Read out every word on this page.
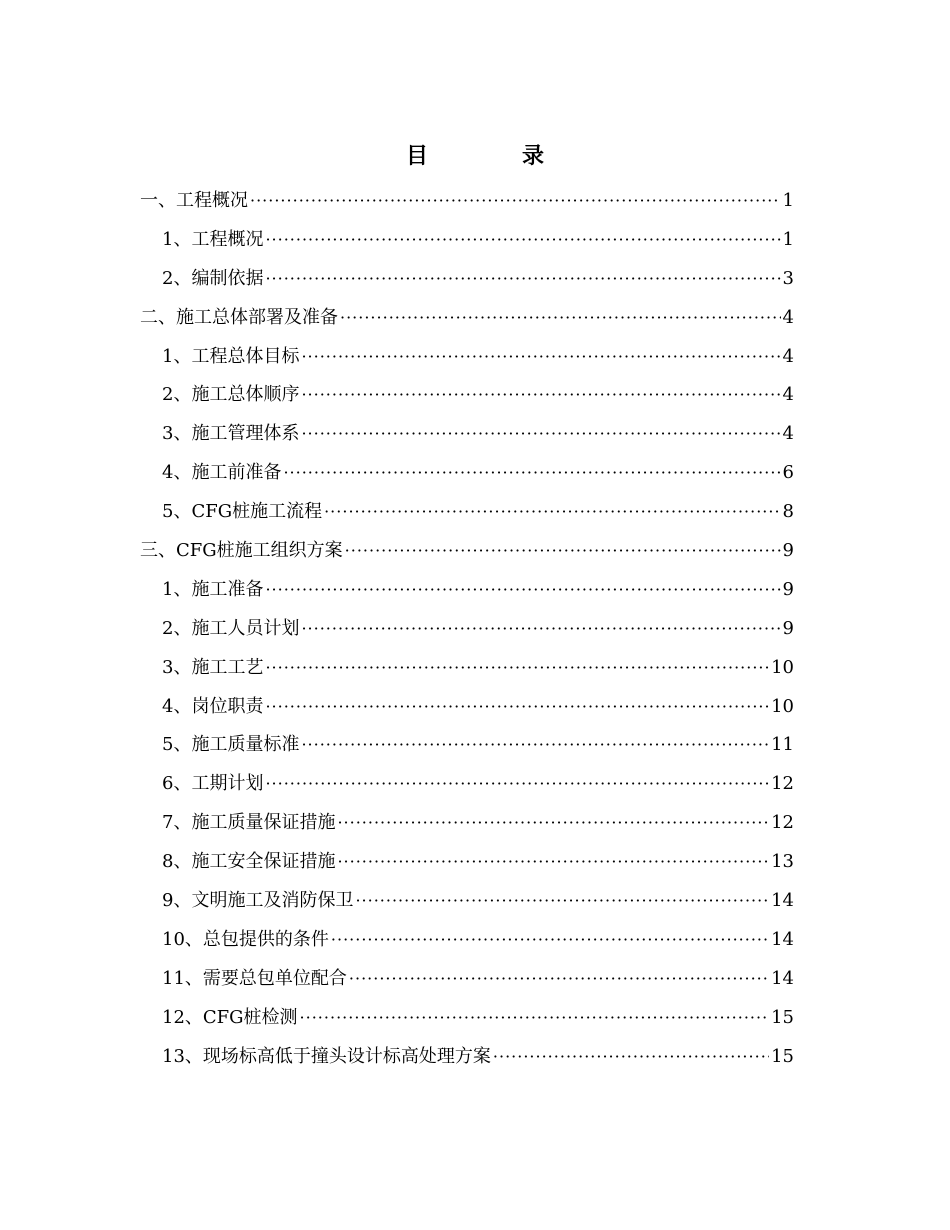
目　录
一、工程概况 ·····	1
1、工程概况 ·····	1
2、编制依据 ·····	3
二、施工总体部署及准备 ·····	4
1、工程总体目标 ·····	4
2、施工总体顺序 ·····	4
3、施工管理体系 ·····	4
4、施工前准备 ·····	6
5、CFG桩施工流程 ·····	8
三、CFG桩施工组织方案 ·····	9
1、施工准备 ·····	9
2、施工人员计划 ·····	9
3、施工工艺 ·····	10
4、岗位职责 ·····	10
5、施工质量标准 ·····	11
6、工期计划 ·····	12
7、施工质量保证措施 ·····	12
8、施工安全保证措施 ·····	13
9、文明施工及消防保卫 ·····	14
10、总包提供的条件 ·····	14
11、需要总包单位配合 ·····	14
12、CFG桩检测 ·····	15
13、现场标高低于撞头设计标高处理方案 ·····	15
